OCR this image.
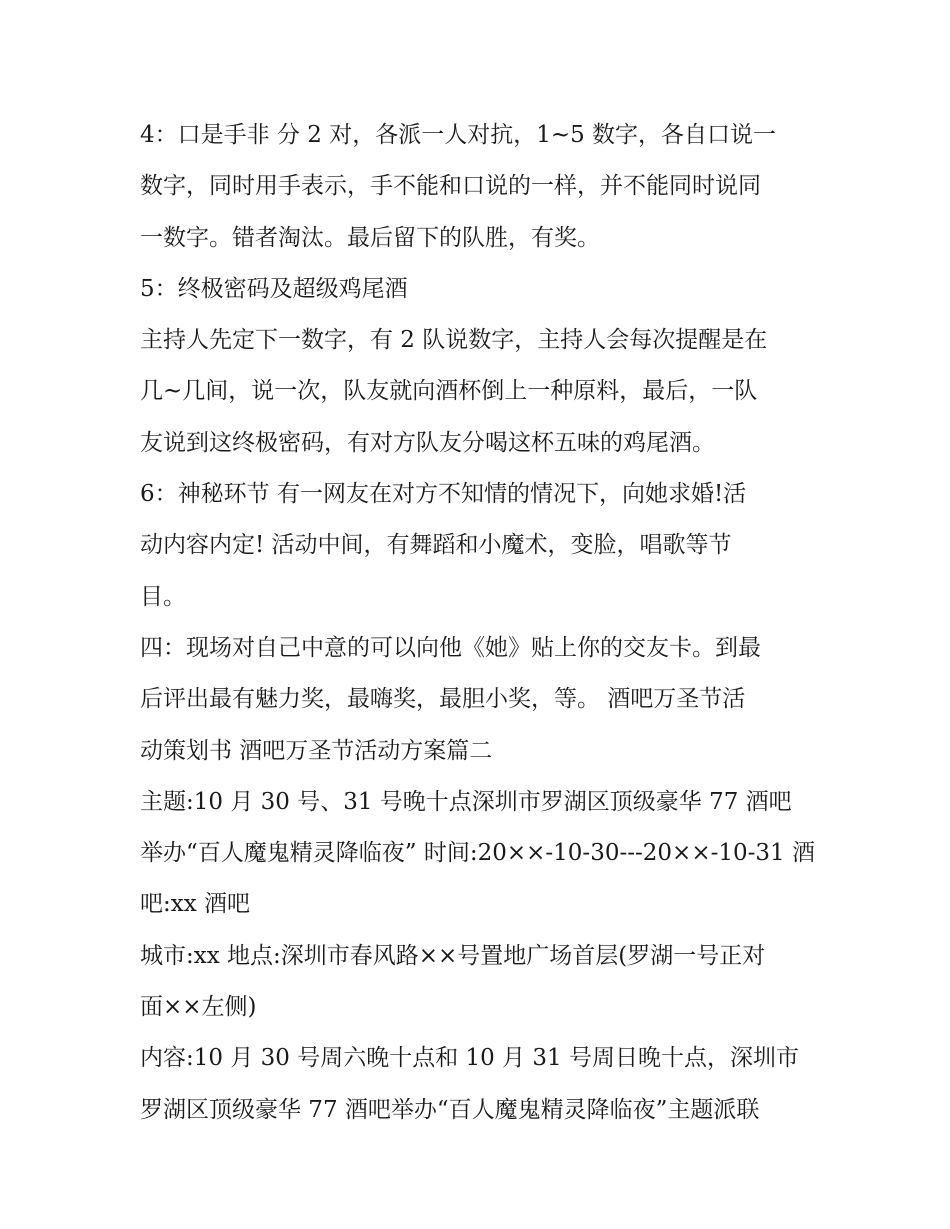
4：口是手非 分 2 对，各派一人对抗，1~5 数字，各自口说一
数字，同时用手表示，手不能和口说的一样，并不能同时说同
一数字。错者淘汰。最后留下的队胜，有奖。
5：终极密码及超级鸡尾酒
主持人先定下一数字，有 2 队说数字，主持人会每次提醒是在
几~几间，说一次，队友就向酒杯倒上一种原料，最后，一队
友说到这终极密码，有对方队友分喝这杯五味的鸡尾酒。
6：神秘环节 有一网友在对方不知情的情况下，向她求婚!活
动内容内定! 活动中间，有舞蹈和小魔术，变脸，唱歌等节
目。
四：现场对自己中意的可以向他《她》贴上你的交友卡。到最
后评出最有魅力奖，最嗨奖，最胆小奖，等。 酒吧万圣节活
动策划书 酒吧万圣节活动方案篇二
主题:10 月 30 号、31 号晚十点深圳市罗湖区顶级豪华 77 酒吧
举办“百人魔鬼精灵降临夜” 时间:20××-10-30---20××-10-31 酒
吧:xx 酒吧
城市:xx 地点:深圳市春风路××号置地广场首层(罗湖一号正对
面××左侧)
内容:10 月 30 号周六晚十点和 10 月 31 号周日晚十点，深圳市
罗湖区顶级豪华 77 酒吧举办“百人魔鬼精灵降临夜”主题派联
